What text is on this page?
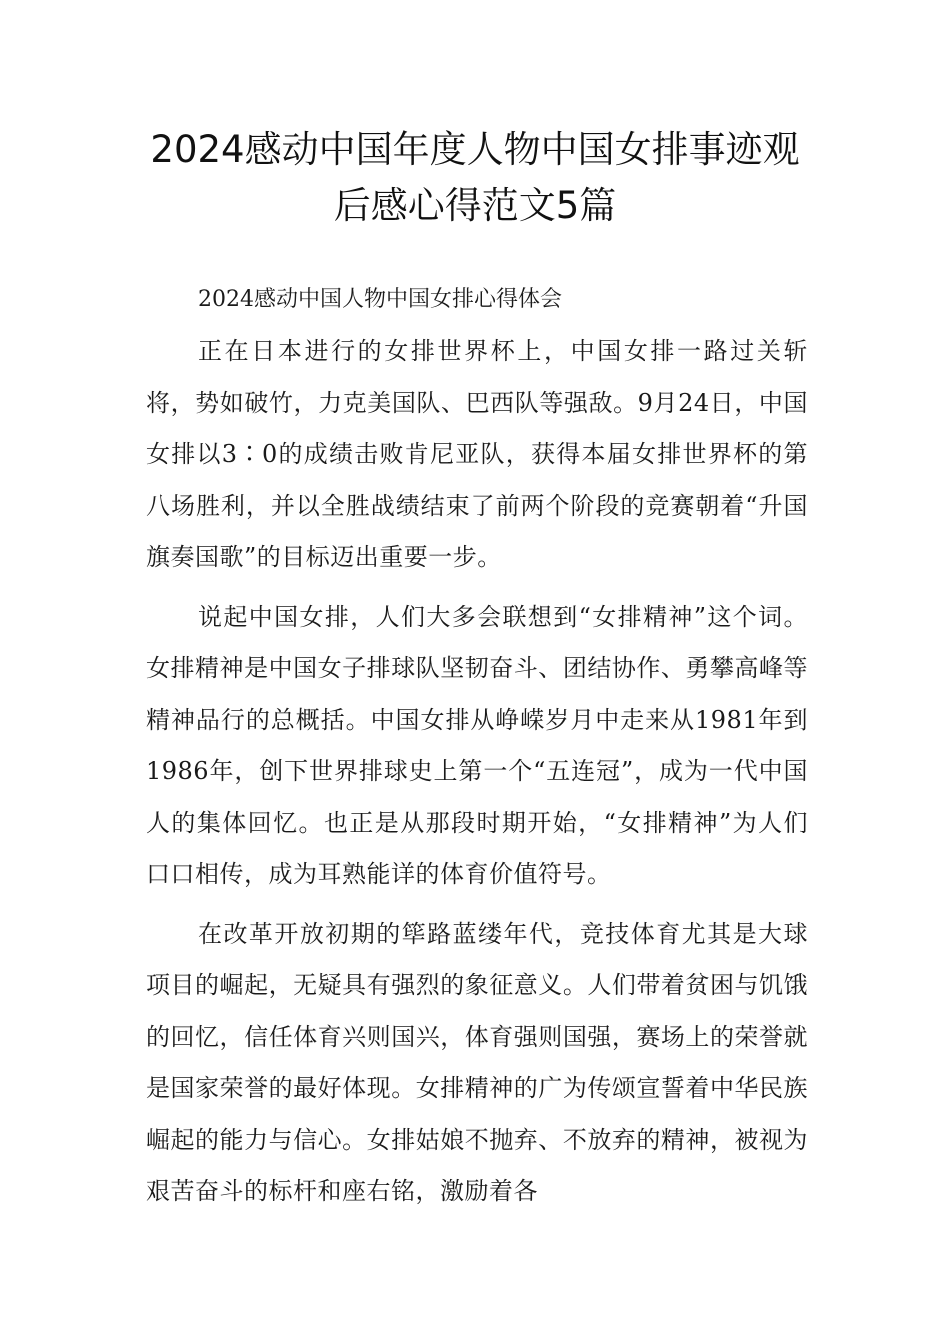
2024感动中国年度人物中国女排事迹观
后感心得范文5篇

2024感动中国人物中国女排心得体会

正在日本进行的女排世界杯上，中国女排一路过关斩将，势如破竹，力克美国队、巴西队等强敌。9月24日，中国女排以3∶0的成绩击败肯尼亚队，获得本届女排世界杯的第八场胜利，并以全胜战绩结束了前两个阶段的竞赛朝着“升国旗奏国歌”的目标迈出重要一步。

说起中国女排，人们大多会联想到“女排精神”这个词。女排精神是中国女子排球队坚韧奋斗、团结协作、勇攀高峰等精神品行的总概括。中国女排从峥嵘岁月中走来从1981年到1986年，创下世界排球史上第一个“五连冠”，成为一代中国人的集体回忆。也正是从那段时期开始，“女排精神”为人们口口相传，成为耳熟能详的体育价值符号。

在改革开放初期的筚路蓝缕年代，竞技体育尤其是大球项目的崛起，无疑具有强烈的象征意义。人们带着贫困与饥饿的回忆，信任体育兴则国兴，体育强则国强，赛场上的荣誉就是国家荣誉的最好体现。女排精神的广为传颂宣誓着中华民族崛起的能力与信心。女排姑娘不抛弃、不放弃的精神，被视为艰苦奋斗的标杆和座右铭，激励着各
